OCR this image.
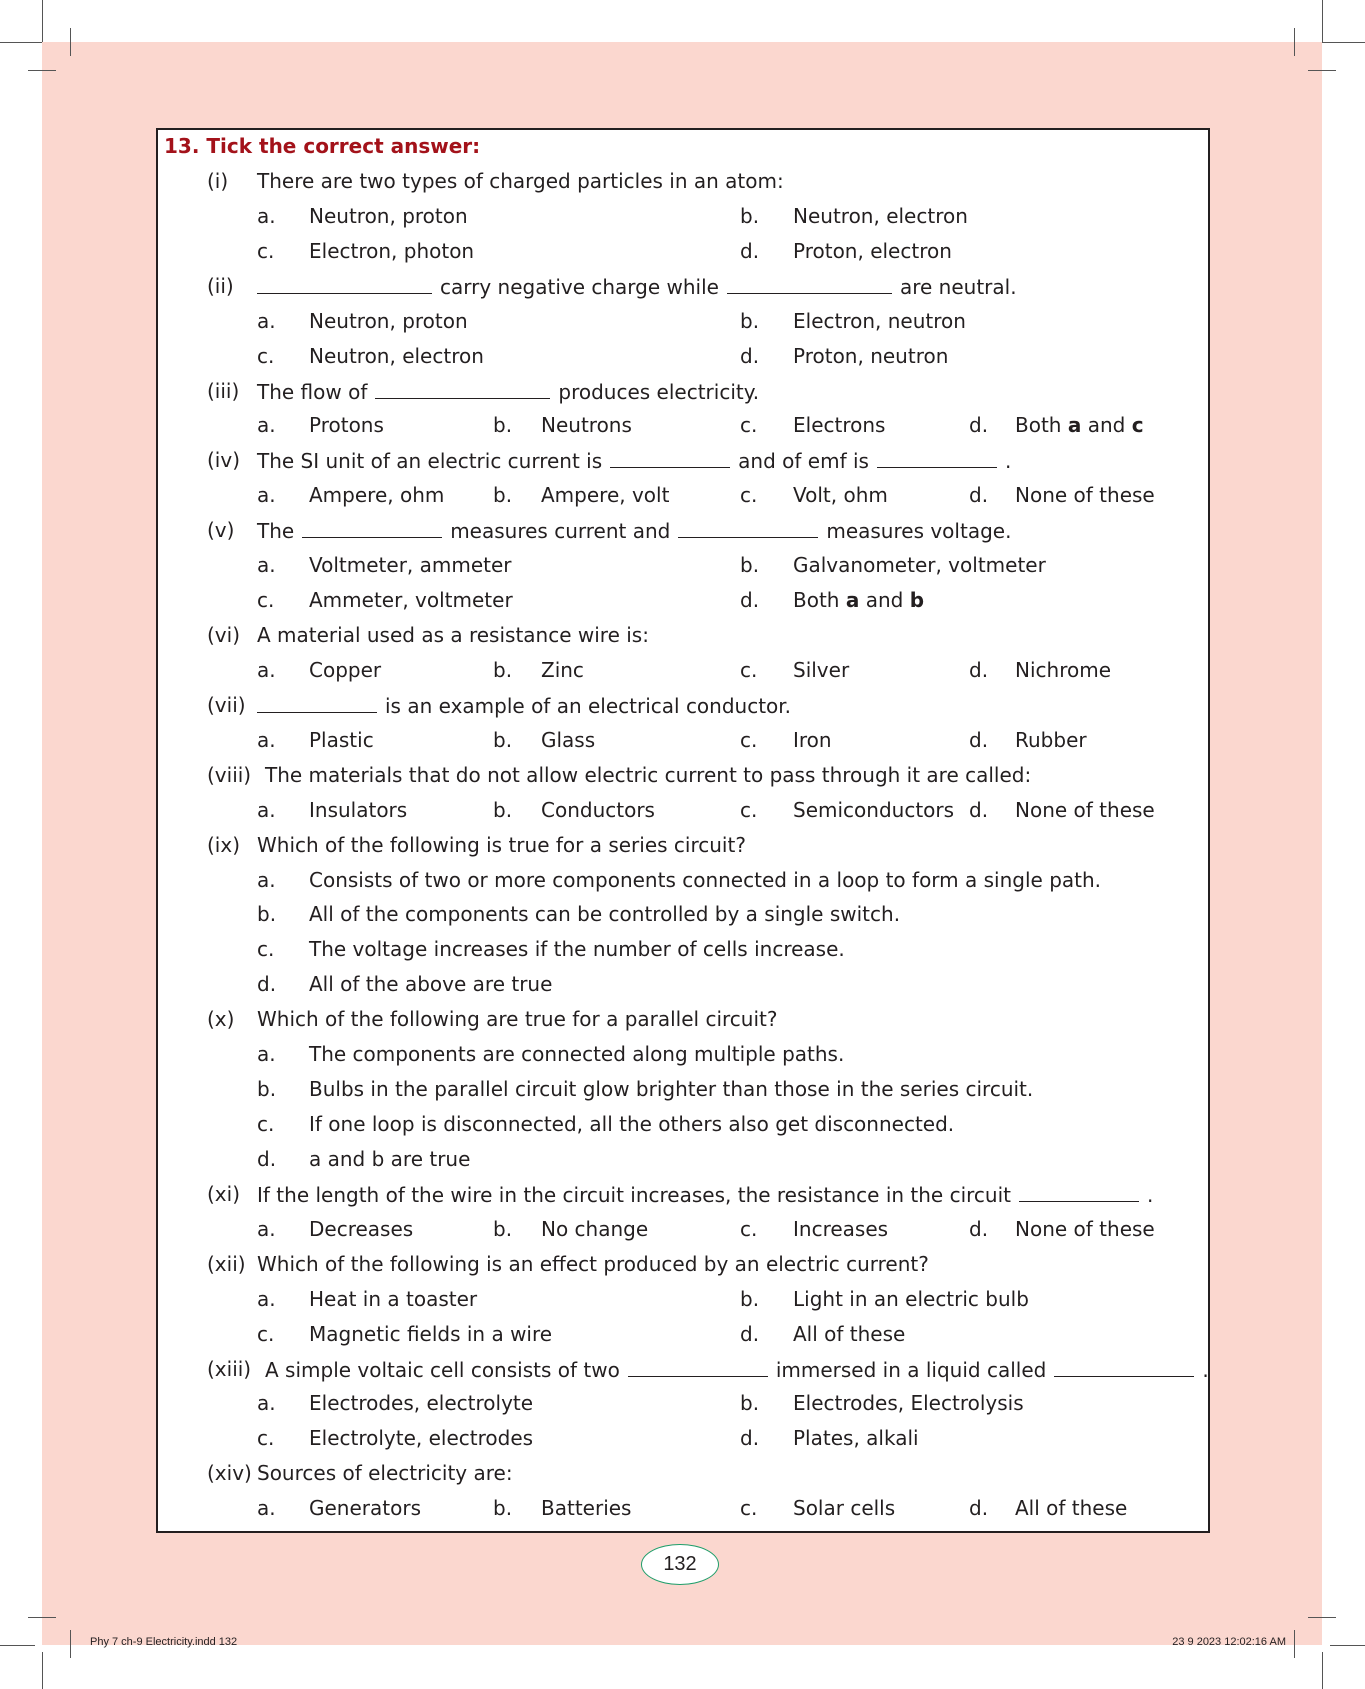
13. Tick the correct answer:
(i) There are two types of charged particles in an atom:
a. Neutron, proton	b. Neutron, electron
c. Electron, photon	d. Proton, electron
(ii)	carry negative charge while	are neutral.
a. Neutron, proton	b. Electron, neutron
c. Neutron, electron	d. Proton, neutron
(iii) The flow of	produces electricity.
a. Protons	b. Neutrons	c. Electrons	d. Both a and c
(iv) The SI unit of an electric current is	and of emf is	.
a. Ampere, ohm b. Ampere, volt	c. Volt, ohm	d. None of these
(v) The	measures current and	measures voltage.
a. Voltmeter, ammeter	b. Galvanometer, voltmeter
c. Ammeter, voltmeter	d. Both a and b
(vi) A material used as a resistance wire is:
a. Copper	b. Zinc	c. Silver	d. Nichrome
(vii)	is an example of an electrical conductor.
a. Plastic	b. Glass	c. Iron	d. Rubber
(viii) The materials that do not allow electric current to pass through it are called:
a. Insulators	b. Conductors	c. Semiconductors d. None of these
(ix) Which of the following is true for a series circuit?
a. Consists of two or more components connected in a loop to form a single path.
b. All of the components can be controlled by a single switch.
c. The voltage increases if the number of cells increase.
d. All of the above are true
(x) Which of the following are true for a parallel circuit?
a. The components are connected along multiple paths.
b. Bulbs in the parallel circuit glow brighter than those in the series circuit.
c. If one loop is disconnected, all the others also get disconnected.
d. a and b are true
(xi) If the length of the wire in the circuit increases, the resistance in the circuit	.
a. Decreases	b. No change	c. Increases	d. None of these
(xii) Which of the following is an effect produced by an electric current?
a. Heat in a toaster	b. Light in an electric bulb
c. Magnetic fields in a wire	d. All of these
(xiii) A simple voltaic cell consists of two	immersed in a liquid called	.
a. Electrodes, electrolyte	b. Electrodes, Electrolysis
c. Electrolyte, electrodes	d. Plates, alkali
(xiv) Sources of electricity are:
a. Generators	b. Batteries	c. Solar cells	d. All of these
132
Phy 7 ch-9 Electricity.indd 132	23 9 2023 12:02:16 AM
